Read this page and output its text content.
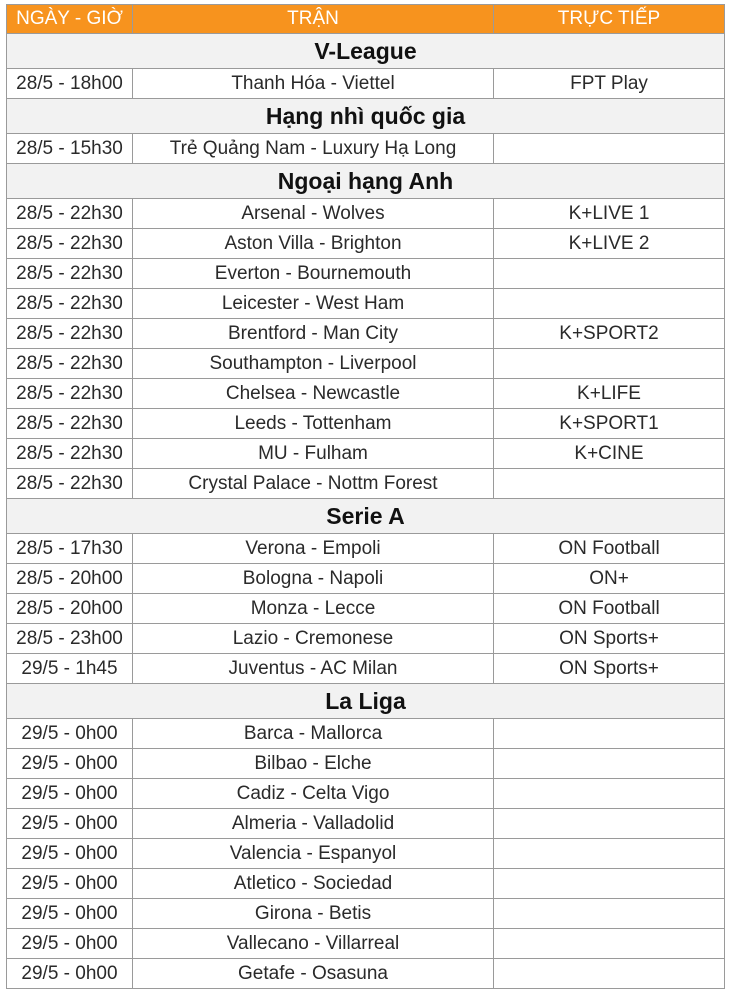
NGÀY - GIỜ	TRẬN	TRỰC TIẾP
V-League		
28/5 - 18h00	Thanh Hóa - Viettel	FPT Play
Hạng nhì quốc gia		
28/5 - 15h30	Trẻ Quảng Nam - Luxury Hạ Long	
Ngoại hạng Anh		
28/5 - 22h30	Arsenal - Wolves	K+LIVE 1
28/5 - 22h30	Aston Villa - Brighton	K+LIVE 2
28/5 - 22h30	Everton - Bournemouth	
28/5 - 22h30	Leicester - West Ham	
28/5 - 22h30	Brentford - Man City	K+SPORT2
28/5 - 22h30	Southampton - Liverpool	
28/5 - 22h30	Chelsea - Newcastle	K+LIFE
28/5 - 22h30	Leeds - Tottenham	K+SPORT1
28/5 - 22h30	MU - Fulham	K+CINE
28/5 - 22h30	Crystal Palace - Nottm Forest	
Serie A		
28/5 - 17h30	Verona - Empoli	ON Football
28/5 - 20h00	Bologna - Napoli	ON+
28/5 - 20h00	Monza - Lecce	ON Football
28/5 - 23h00	Lazio - Cremonese	ON Sports+
29/5 - 1h45	Juventus - AC Milan	ON Sports+
La Liga		
29/5 - 0h00	Barca - Mallorca	
29/5 - 0h00	Bilbao - Elche	
29/5 - 0h00	Cadiz - Celta Vigo	
29/5 - 0h00	Almeria - Valladolid	
29/5 - 0h00	Valencia - Espanyol	
29/5 - 0h00	Atletico - Sociedad	
29/5 - 0h00	Girona - Betis	
29/5 - 0h00	Vallecano - Villarreal	
29/5 - 0h00	Getafe - Osasuna	
